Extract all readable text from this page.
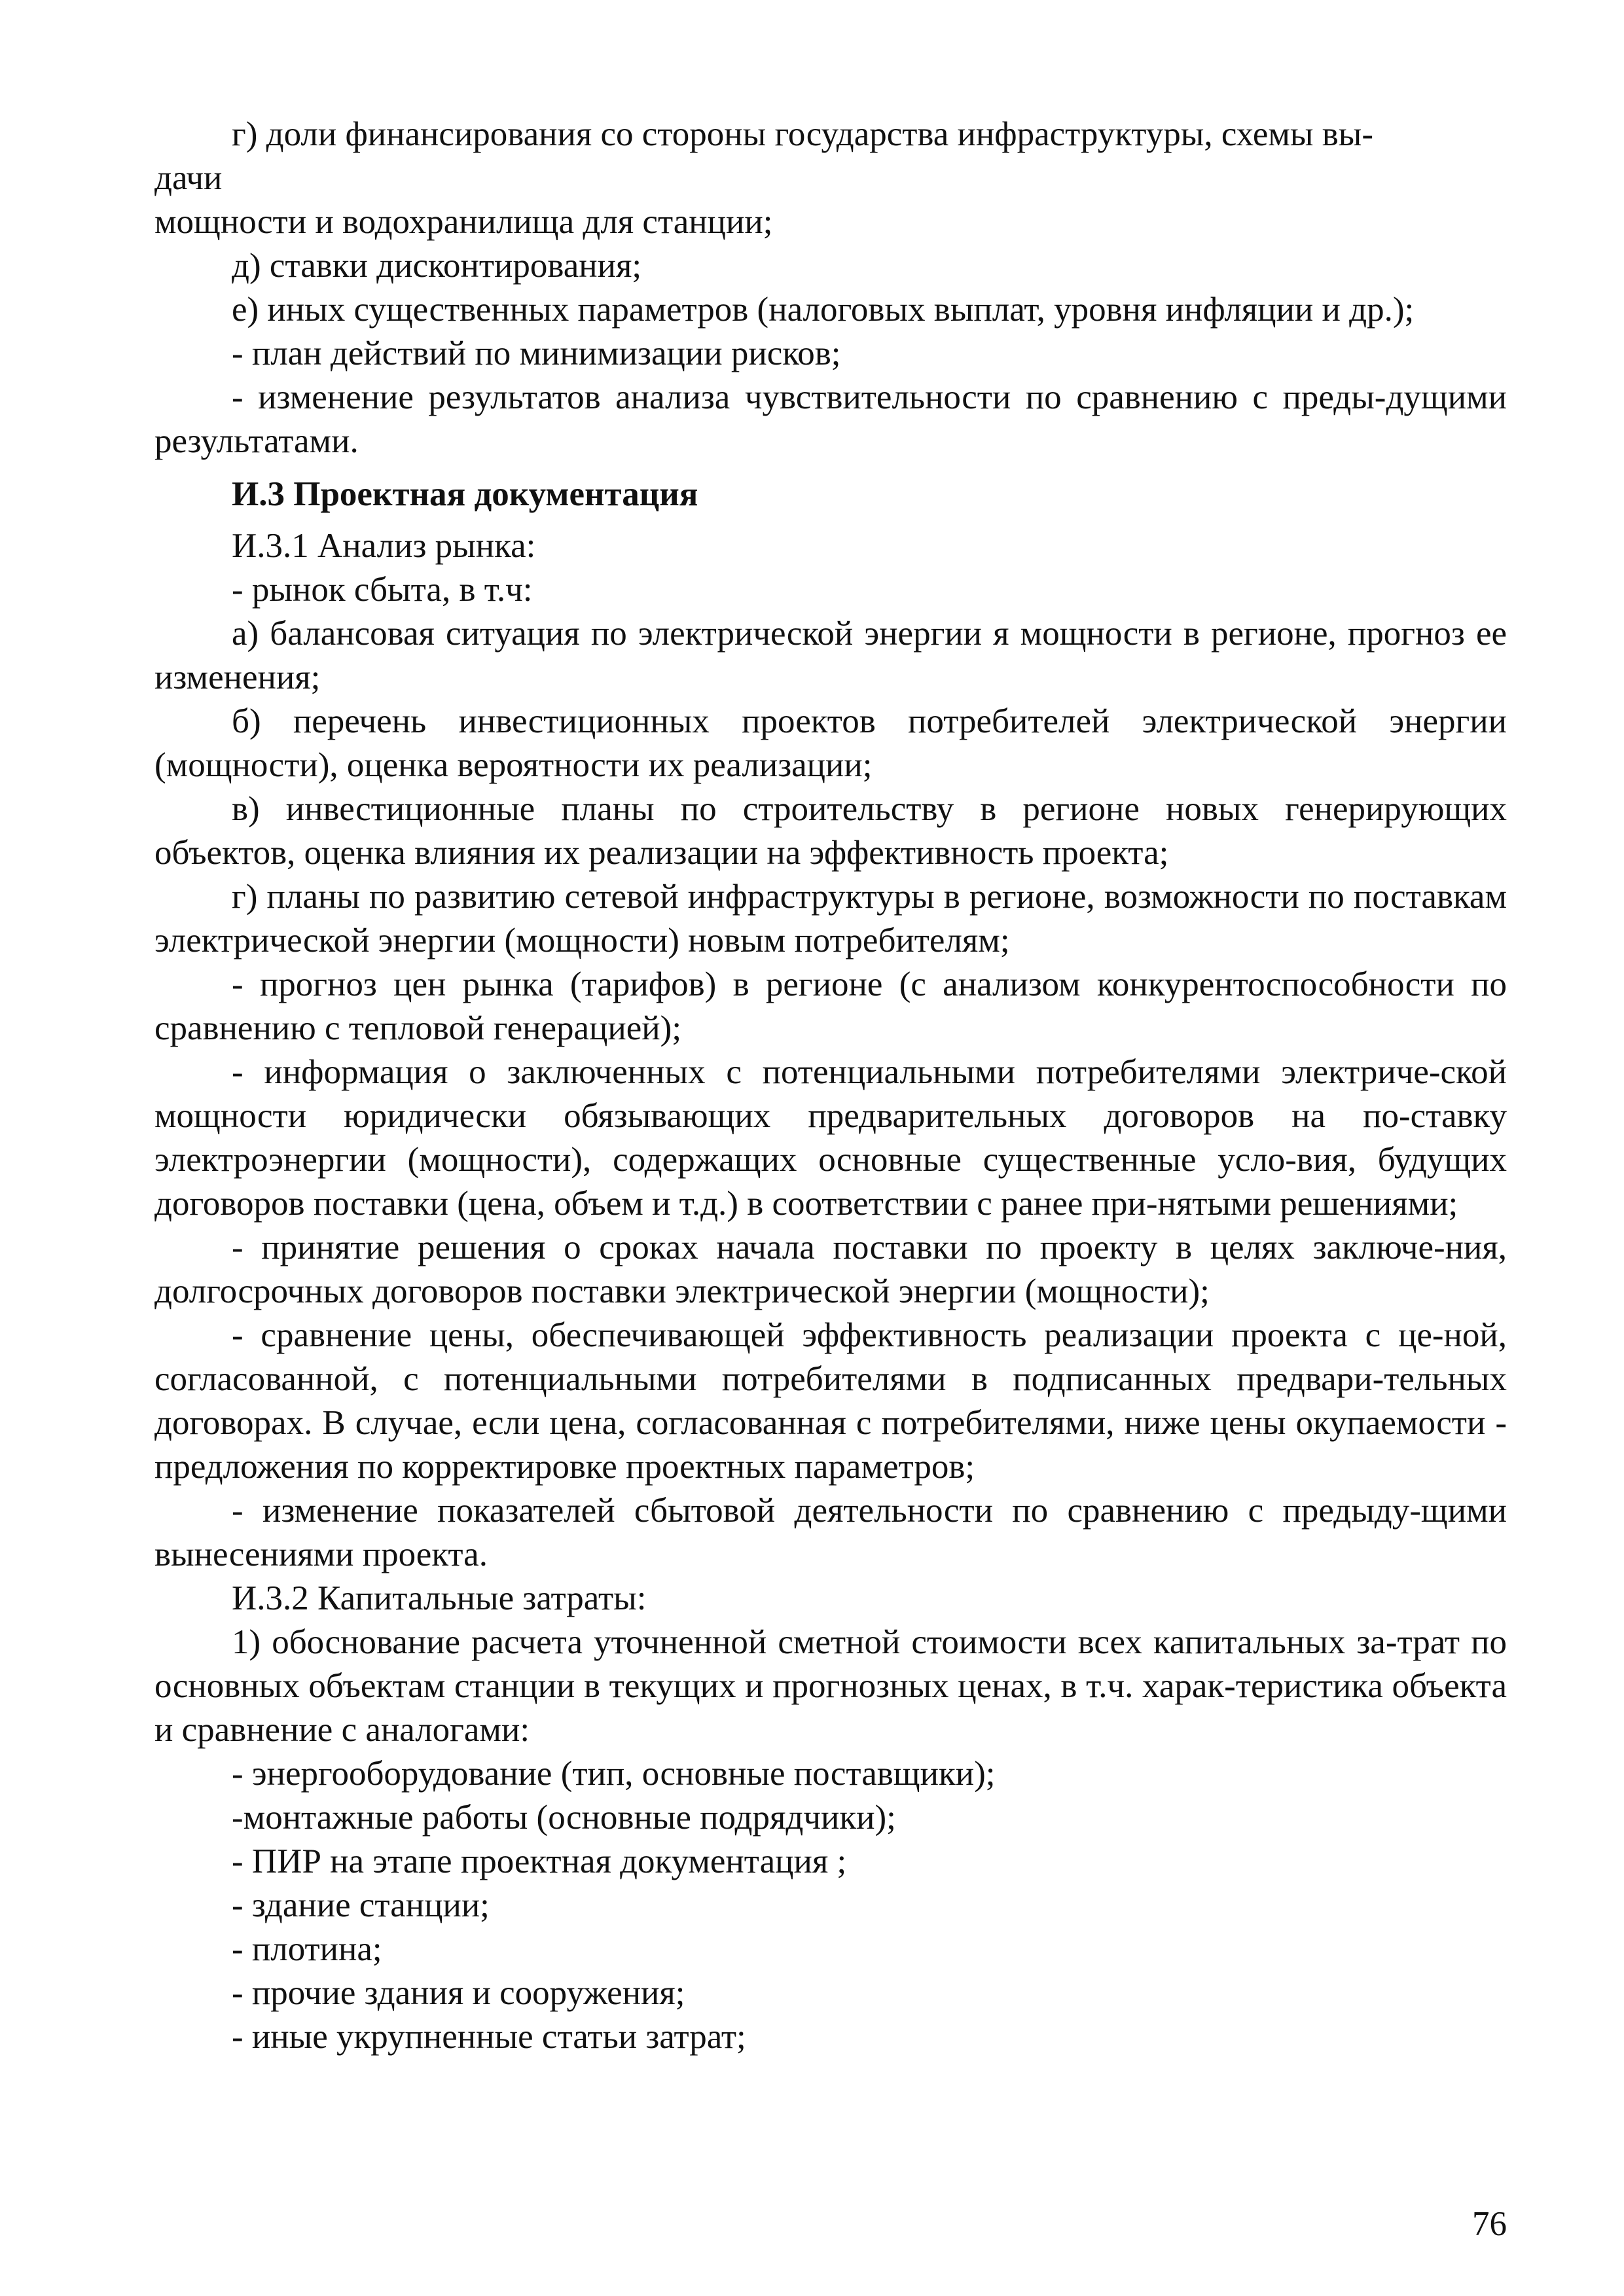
г) доли финансирования со стороны государства инфраструктуры, схемы вы-

дачи

мощности и водохранилища для станции;

д) ставки дисконтирования;

е) иных существенных параметров (налоговых выплат, уровня инфляции и др.);

- план действий по минимизации рисков;

- изменение результатов анализа чувствительности по сравнению с преды-дущими результатами.

И.3 Проектная документация

И.3.1 Анализ рынка:

- рынок сбыта, в т.ч:

а) балансовая ситуация по электрической энергии я мощности в регионе, прогноз ее изменения;

б) перечень инвестиционных проектов потребителей электрической энергии (мощности), оценка вероятности их реализации;

в) инвестиционные планы по строительству в регионе новых генерирующих объектов, оценка влияния их реализации на эффективность проекта;

г) планы по развитию сетевой инфраструктуры в регионе, возможности по поставкам электрической энергии (мощности) новым потребителям;

- прогноз цен рынка (тарифов) в регионе (с анализом конкурентоспособности по сравнению с тепловой генерацией);

- информация о заключенных с потенциальными потребителями электриче-ской мощности юридически обязывающих предварительных договоров на по-ставку электроэнергии (мощности), содержащих основные существенные усло-вия, будущих договоров поставки (цена, объем и т.д.) в соответствии с ранее при-нятыми решениями;

- принятие решения о сроках начала поставки по проекту в целях заключе-ния, долгосрочных договоров поставки электрической энергии (мощности);

- сравнение цены, обеспечивающей эффективность реализации проекта с це-ной, согласованной, с потенциальными потребителями в подписанных предвари-тельных договорах. В случае, если цена, согласованная с потребителями, ниже цены окупаемости - предложения по корректировке проектных параметров;

- изменение показателей сбытовой деятельности по сравнению с предыду-щими вынесениями проекта.

И.3.2 Капитальные затраты:

1) обоснование расчета уточненной сметной стоимости всех капитальных за-трат по основных объектам станции в текущих и прогнозных ценах, в т.ч. харак-теристика объекта и сравнение с аналогами:

- энергооборудование (тип, основные поставщики);

-монтажные работы (основные подрядчики);

- ПИР на этапе проектная документация ;

- здание станции;

- плотина;

- прочие здания и сооружения;

- иные укрупненные статьи затрат;

76
